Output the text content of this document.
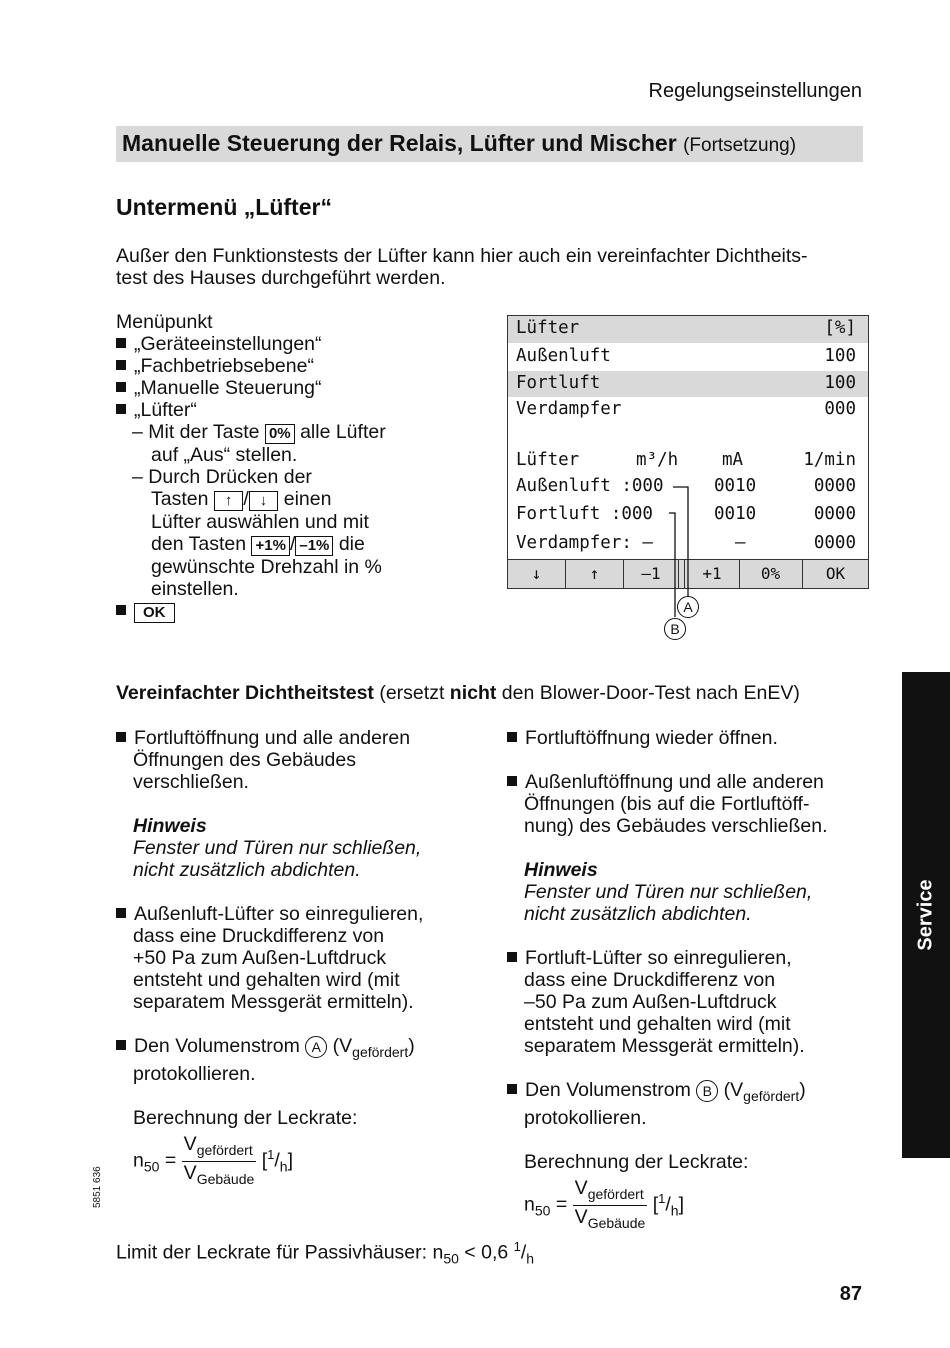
Regelungseinstellungen
Manuelle Steuerung der Relais, Lüfter und Mischer (Fortsetzung)
Untermenü „Lüfter“
Außer den Funktionstests der Lüfter kann hier auch ein vereinfachter Dichtheits-
test des Hauses durchgeführt werden.
Menüpunkt
„Geräteeinstellungen“
„Fachbetriebsebene“
„Manuelle Steuerung“
„Lüfter“
– Mit der Taste 0% alle Lüfter
auf „Aus“ stellen.
– Durch Drücken der
Tasten ↑ / ↓ einen
Lüfter auswählen und mit
den Tasten +1% / –1% die
gewünschte Drehzahl in %
einstellen.
OK
Lüfter	[%]
Außenluft	100
Fortluft	100
Verdampfer	000
Lüfter	m³/h	mA	1/min
Außenluft :000	0010	0000
Fortluft :000	0010	0000
Verdampfer: –	–	0000
↓	↑	–1	+1	0%	OK
A
B
Vereinfachter Dichtheitstest (ersetzt nicht den Blower-Door-Test nach EnEV)
Fortluftöffnung und alle anderen
Öffnungen des Gebäudes
verschließen.
Hinweis
Fenster und Türen nur schließen,
nicht zusätzlich abdichten.
Außenluft-Lüfter so einregulieren,
dass eine Druckdifferenz von
+50 Pa zum Außen-Luftdruck
entsteht und gehalten wird (mit
separatem Messgerät ermitteln).
Den Volumenstrom A $(V_{gefördert})$
protokollieren.
Berechnung der Leckrate:
$n_{50} = \frac{V_{gefördert}}{V_{Gebäude}} [^1/_h]$
Fortluftöffnung wieder öffnen.
Außenluftöffnung und alle anderen
Öffnungen (bis auf die Fortluftöff-
nung) des Gebäudes verschließen.
Hinweis
Fenster und Türen nur schließen,
nicht zusätzlich abdichten.
Fortluft-Lüfter so einregulieren,
dass eine Druckdifferenz von
–50 Pa zum Außen-Luftdruck
entsteht und gehalten wird (mit
separatem Messgerät ermitteln).
Den Volumenstrom B $(V_{gefördert})$
protokollieren.
Berechnung der Leckrate:
$n_{50} = \frac{V_{gefördert}}{V_{Gebäude}} [^1/_h]$
Limit der Leckrate für Passivhäuser: $n_{50} < 0,6$ $^1/_h$
Service
5851 636
87
